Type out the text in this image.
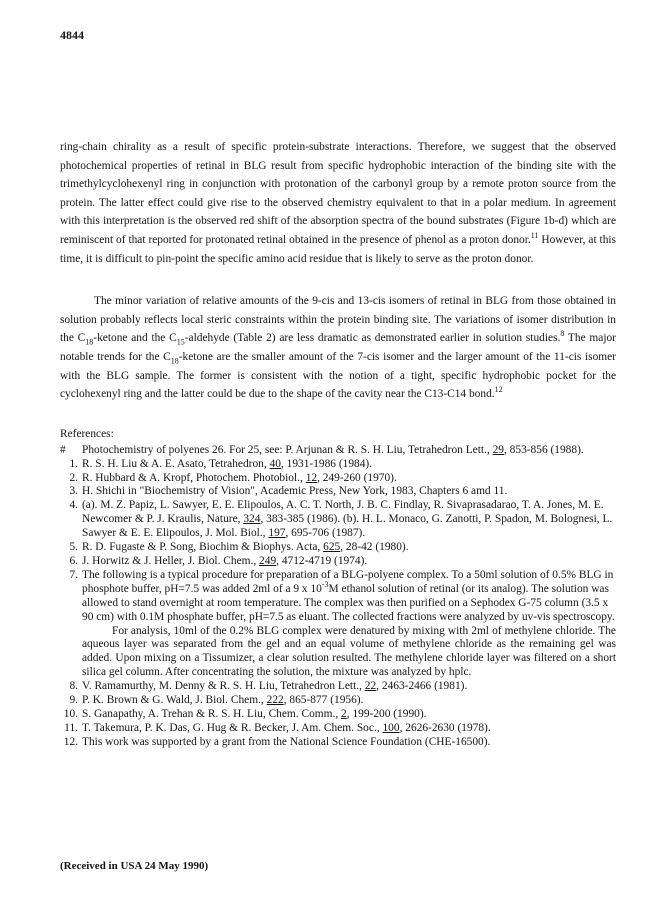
4844

ring-chain chirality as a result of specific protein-substrate interactions. Therefore, we suggest that the observed photochemical properties of retinal in BLG result from specific hydrophobic interaction of the binding site with the trimethylcyclohexenyl ring in conjunction with protonation of the carbonyl group by a remote proton source from the protein. The latter effect could give rise to the observed chemistry equivalent to that in a polar medium. In agreement with this interpretation is the observed red shift of the absorption spectra of the bound substrates (Figure 1b-d) which are reminiscent of that reported for protonated retinal obtained in the presence of phenol as a proton donor.$^{11}$ However, at this time, it is difficult to pin-point the specific amino acid residue that is likely to serve as the proton donor.

The minor variation of relative amounts of the 9-cis and 13-cis isomers of retinal in BLG from those obtained in solution probably reflects local steric constraints within the protein binding site. The variations of isomer distribution in the $C_{18}$-ketone and the $C_{15}$-aldehyde (Table 2) are less dramatic as demonstrated earlier in solution studies.$^8$ The major notable trends for the $C_{18}$-ketone are the smaller amount of the 7-cis isomer and the larger amount of the 11-cis isomer with the BLG sample. The former is consistent with the notion of a tight, specific hydrophobic pocket for the cyclohexenyl ring and the latter could be due to the shape of the cavity near the C13-C14 bond.$^{12}$

References:
#	Photochemistry of polyenes 26. For 25, see: P. Arjunan & R. S. H. Liu, Tetrahedron Lett., 29, 853-856 (1988).
1. R. S. H. Liu & A. E. Asato, Tetrahedron, 40, 1931-1986 (1984).
2. R. Hubbard & A. Kropf, Photochem. Photobiol., 12, 249-260 (1970).
3. H. Shichi in "Biochemistry of Vision", Academic Press, New York, 1983, Chapters 6 amd 11.
4. (a). M. Z. Papiz, L. Sawyer, E. E. Elipoulos, A. C. T. North, J. B. C. Findlay, R. Sivaprasadarao, T. A. Jones, M. E. Newcomer & P. J. Kraulis, Nature, 324, 383-385 (1986). (b). H. L. Monaco, G. Zanotti, P. Spadon, M. Bolognesi, L. Sawyer & E. E. Elipoulos, J. Mol. Biol., 197, 695-706 (1987).
5. R. D. Fugaste & P. Song, Biochim & Biophys. Acta, 625, 28-42 (1980).
6. J. Horwitz & J. Heller, J. Biol. Chem., 249, 4712-4719 (1974).
7. The following is a typical procedure for preparation of a BLG-polyene complex. To a 50ml solution of 0.5% BLG in phosphote buffer, pH=7.5 was added 2ml of a 9 x $10^{-3}M$ ethanol solution of retinal (or its analog). The solution was allowed to stand overnight at room temperature. The complex was then purified on a Sephodex G-75 column (3.5 x 90 cm) with 0.1M phosphate buffer, pH=7.5 as eluant. The collected fractions were analyzed by uv-vis spectroscopy.
For analysis, 10ml of the 0.2% BLG complex were denatured by mixing with 2ml of methylene chloride. The aqueous layer was separated from the gel and an equal volume of methylene chloride as the remaining gel was added. Upon mixing on a Tissumizer, a clear solution resulted. The methylene chloride layer was filtered on a short silica gel column. After concentrating the solution, the mixture was analyzed by hplc.
8. V. Ramamurthy, M. Denny & R. S. H. Liu, Tetrahedron Lett., 22, 2463-2466 (1981).
9. P. K. Brown & G. Wald, J. Biol. Chem., 222, 865-877 (1956).
10. S. Ganapathy, A. Trehan & R. S. H. Liu, Chem. Comm., 2, 199-200 (1990).
11. T. Takemura, P. K. Das, G. Hug & R. Becker, J. Am. Chem. Soc., 100, 2626-2630 (1978).
12. This work was supported by a grant from the National Science Foundation (CHE-16500).
(Received in USA 24 May 1990)
